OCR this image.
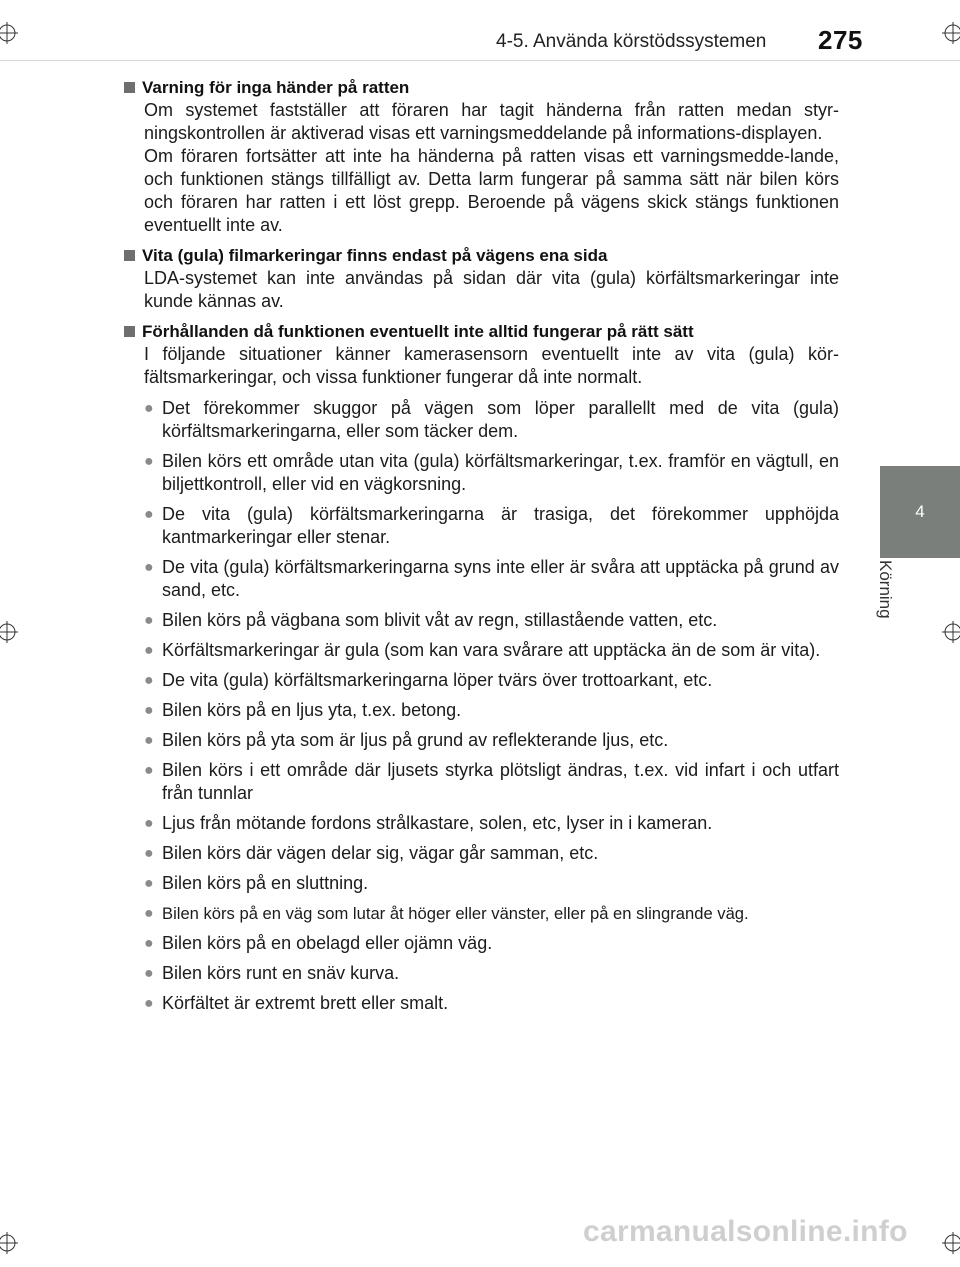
4-5. Använda körstödssystemen	275
4
Körning
Varning för inga händer på ratten

Om systemet fastställer att föraren har tagit händerna från ratten medan styr-ningskontrollen är aktiverad visas ett varningsmeddelande på informations-displayen.

Om föraren fortsätter att inte ha händerna på ratten visas ett varningsmedde-lande, och funktionen stängs tillfälligt av. Detta larm fungerar på samma sätt när bilen körs och föraren har ratten i ett löst grepp. Beroende på vägens skick stängs funktionen eventuellt inte av.

Vita (gula) filmarkeringar finns endast på vägens ena sida

LDA-systemet kan inte användas på sidan där vita (gula) körfältsmarkeringar inte kunde kännas av.

Förhållanden då funktionen eventuellt inte alltid fungerar på rätt sätt

I följande situationer känner kamerasensorn eventuellt inte av vita (gula) kör-fältsmarkeringar, och vissa funktioner fungerar då inte normalt.

● Det förekommer skuggor på vägen som löper parallellt med de vita (gula) körfältsmarkeringarna, eller som täcker dem.
● Bilen körs ett område utan vita (gula) körfältsmarkeringar, t.ex. framför en vägtull, en biljettkontroll, eller vid en vägkorsning.
● De vita (gula) körfältsmarkeringarna är trasiga, det förekommer upphöjda kantmarkeringar eller stenar.
● De vita (gula) körfältsmarkeringarna syns inte eller är svåra att upptäcka på grund av sand, etc.
● Bilen körs på vägbana som blivit våt av regn, stillastående vatten, etc.
● Körfältsmarkeringar är gula (som kan vara svårare att upptäcka än de som är vita).
● De vita (gula) körfältsmarkeringarna löper tvärs över trottoarkant, etc.
● Bilen körs på en ljus yta, t.ex. betong.
● Bilen körs på yta som är ljus på grund av reflekterande ljus, etc.
● Bilen körs i ett område där ljusets styrka plötsligt ändras, t.ex. vid infart i och utfart från tunnlar
● Ljus från mötande fordons strålkastare, solen, etc, lyser in i kameran.
● Bilen körs där vägen delar sig, vägar går samman, etc.
● Bilen körs på en sluttning.
● Bilen körs på en väg som lutar åt höger eller vänster, eller på en slingrande väg.
● Bilen körs på en obelagd eller ojämn väg.
● Bilen körs runt en snäv kurva.
● Körfältet är extremt brett eller smalt.
carmanualsonline.info
